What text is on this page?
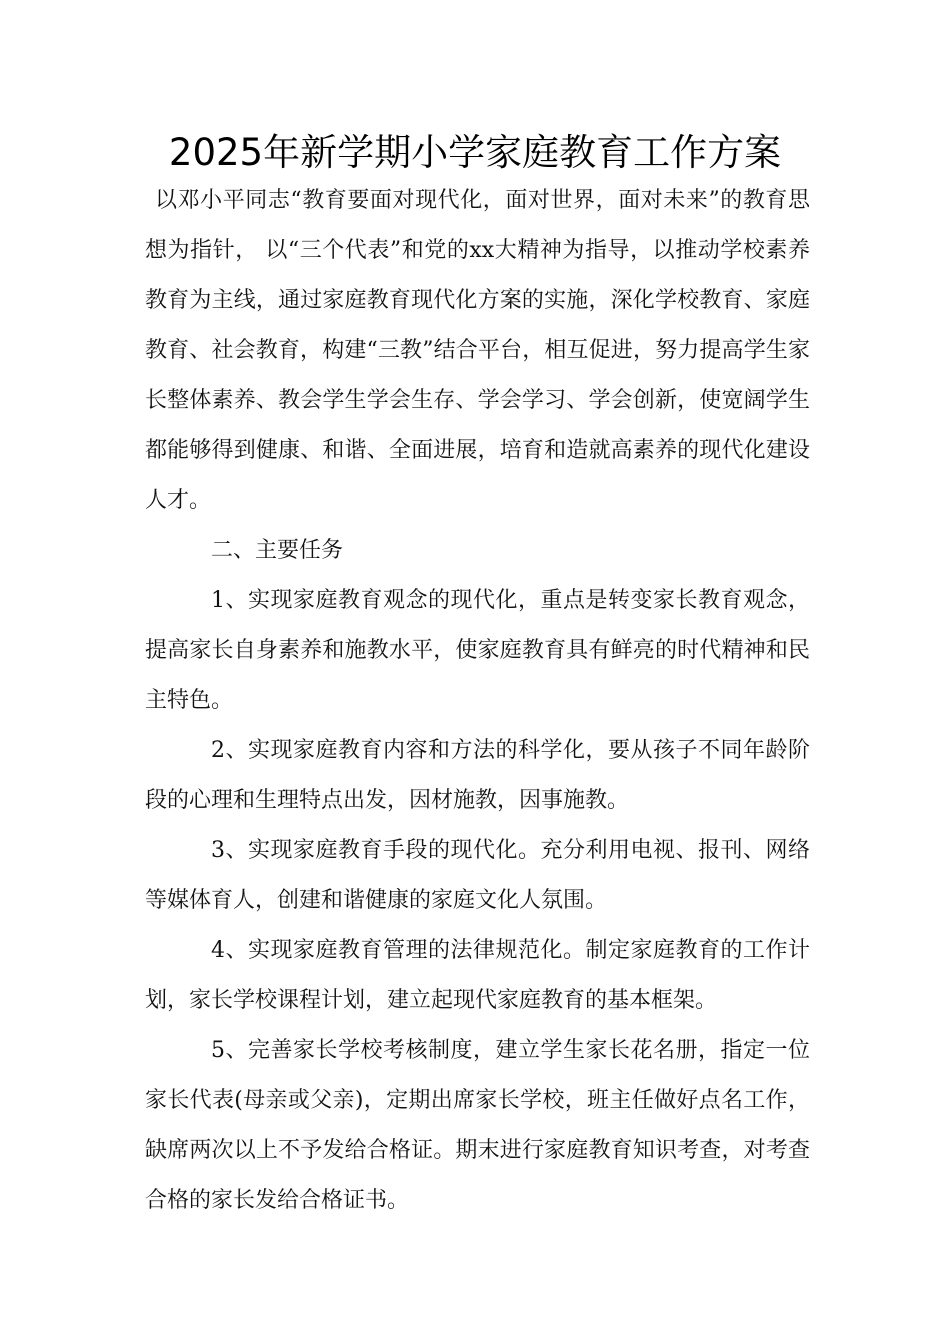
2025年新学期小学家庭教育工作方案

以邓小平同志“教育要面对现代化，面对世界，面对未来”的教育思想为指针， 以“三个代表”和党的xx大精神为指导，以推动学校素养教育为主线，通过家庭教育现代化方案的实施，深化学校教育、家庭教育、社会教育，构建“三教”结合平台，相互促进，努力提高学生家长整体素养、教会学生学会生存、学会学习、学会创新，使宽阔学生都能够得到健康、和谐、全面进展，培育和造就高素养的现代化建设人才。

二、主要任务

1、实现家庭教育观念的现代化，重点是转变家长教育观念，提高家长自身素养和施教水平，使家庭教育具有鲜亮的时代精神和民主特色。

2、实现家庭教育内容和方法的科学化，要从孩子不同年龄阶段的心理和生理特点出发，因材施教，因事施教。

3、实现家庭教育手段的现代化。充分利用电视、报刊、网络等媒体育人，创建和谐健康的家庭文化人氛围。

4、实现家庭教育管理的法律规范化。制定家庭教育的工作计划，家长学校课程计划，建立起现代家庭教育的基本框架。

5、完善家长学校考核制度，建立学生家长花名册，指定一位家长代表(母亲或父亲)，定期出席家长学校，班主任做好点名工作，缺席两次以上不予发给合格证。期末进行家庭教育知识考查，对考查合格的家长发给合格证书。
